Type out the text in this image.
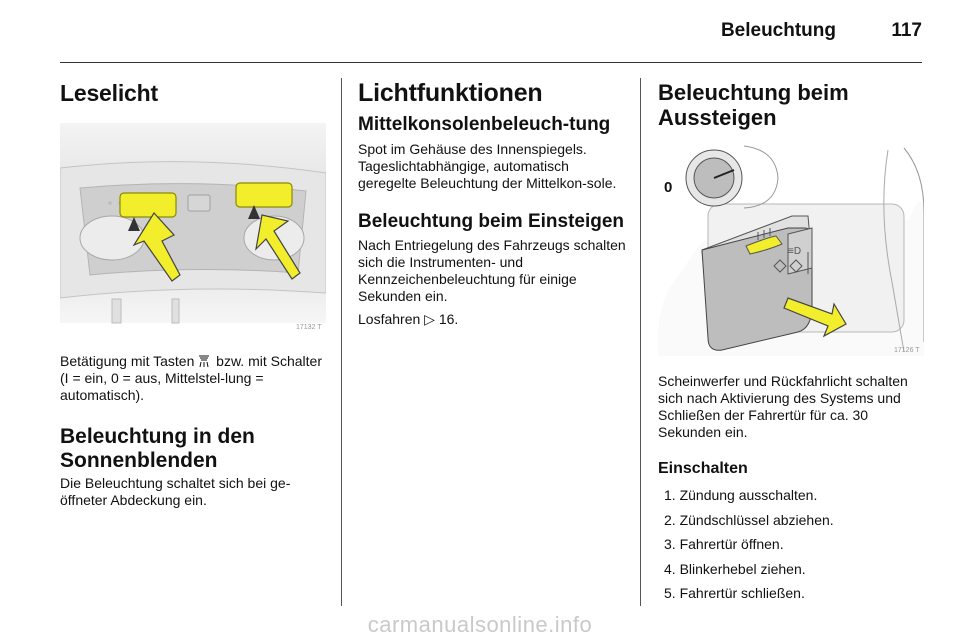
Beleuchtung	117
Leselicht
17132 T

Betätigung mit Tasten  bzw. mit Schalter (I = ein, 0 = aus, Mittelstel-lung = automatisch).

Beleuchtung in den Sonnenblenden

Die Beleuchtung schaltet sich bei ge-öffneter Abdeckung ein.

Lichtfunktionen
Mittelkonsolenbeleuch-tung

Spot im Gehäuse des Innenspiegels. Tageslichtabhängige, automatisch geregelte Beleuchtung der Mittelkon-sole.

Beleuchtung beim Einsteigen

Nach Entriegelung des Fahrzeugs schalten sich die Instrumenten- und Kennzeichenbeleuchtung für einige Sekunden ein.

Losfahren ▷ 16.

Beleuchtung beim Aussteigen
≡D
0
17126 T

Scheinwerfer und Rückfahrlicht schalten sich nach Aktivierung des Systems und Schließen der Fahrertür für ca. 30 Sekunden ein.

Einschalten
1. Zündung ausschalten.
2. Zündschlüssel abziehen.
3. Fahrertür öffnen.
4. Blinkerhebel ziehen.
5. Fahrertür schließen.
carmanualsonline.info
